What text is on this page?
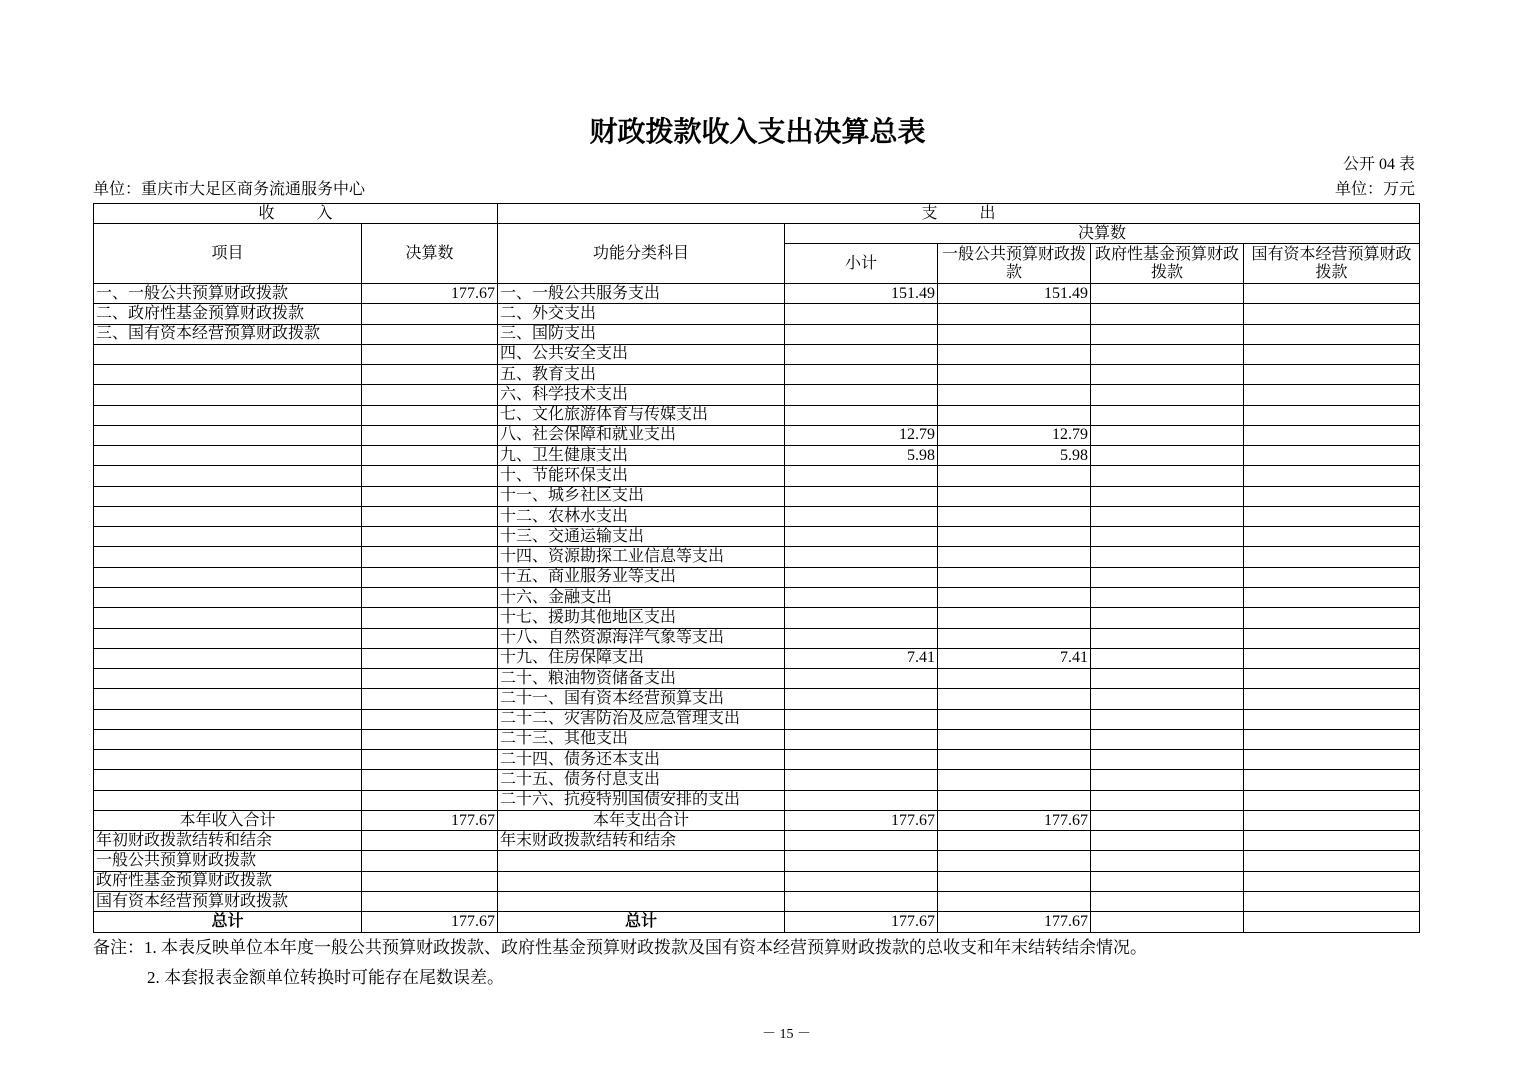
财政拨款收入支出决算总表
公开 04 表
单位：重庆市大足区商务流通服务中心	单位：万元
收 入		支 出				
项目	决算数	功能分类科目	决算数			
			小计	一般公共预算财政拨款	政府性基金预算财政拨款	国有资本经营预算财政拨款
一、一般公共预算财政拨款	177.67	一、一般公共服务支出	151.49	151.49		
二、政府性基金预算财政拨款		二、外交支出				
三、国有资本经营预算财政拨款		三、国防支出				
		四、公共安全支出				
		五、教育支出				
		六、科学技术支出				
		七、文化旅游体育与传媒支出				
		八、社会保障和就业支出	12.79	12.79		
		九、卫生健康支出	5.98	5.98		
		十、节能环保支出				
		十一、城乡社区支出				
		十二、农林水支出				
		十三、交通运输支出				
		十四、资源勘探工业信息等支出				
		十五、商业服务业等支出				
		十六、金融支出				
		十七、援助其他地区支出				
		十八、自然资源海洋气象等支出				
		十九、住房保障支出	7.41	7.41		
		二十、粮油物资储备支出				
		二十一、国有资本经营预算支出				
		二十二、灾害防治及应急管理支出				
		二十三、其他支出				
		二十四、债务还本支出				
		二十五、债务付息支出				
		二十六、抗疫特别国债安排的支出				
本年收入合计	177.67	本年支出合计	177.67	177.67		
年初财政拨款结转和结余		年末财政拨款结转和结余				
一般公共预算财政拨款						
政府性基金预算财政拨款						
国有资本经营预算财政拨款						
总计	177.67	总计	177.67	177.67		
备注：1. 本表反映单位本年度一般公共预算财政拨款、政府性基金预算财政拨款及国有资本经营预算财政拨款的总收支和年末结转结余情况。
2. 本套报表金额单位转换时可能存在尾数误差。
－ 15 －
